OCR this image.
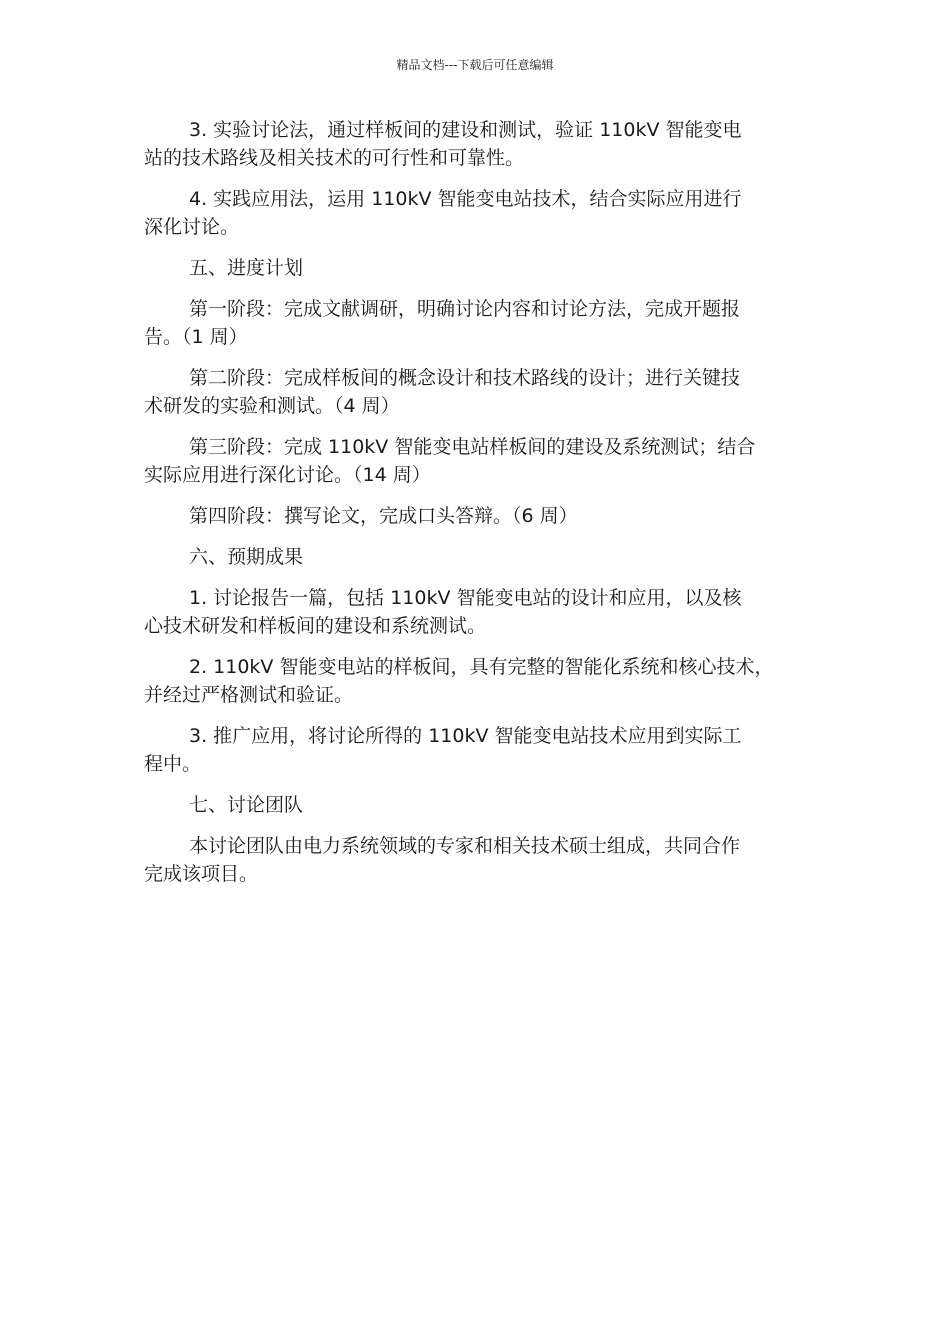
精品文档---下载后可任意编辑

3. 实验讨论法，通过样板间的建设和测试，验证 110kV 智能变电
站的技术路线及相关技术的可行性和可靠性。

4. 实践应用法，运用 110kV 智能变电站技术，结合实际应用进行
深化讨论。

五、进度计划

第一阶段：完成文献调研，明确讨论内容和讨论方法，完成开题报
告。（1 周）

第二阶段：完成样板间的概念设计和技术路线的设计；进行关键技
术研发的实验和测试。（4 周）

第三阶段：完成 110kV 智能变电站样板间的建设及系统测试；结合
实际应用进行深化讨论。（14 周）

第四阶段：撰写论文，完成口头答辩。（6 周）

六、预期成果

1. 讨论报告一篇，包括 110kV 智能变电站的设计和应用，以及核
心技术研发和样板间的建设和系统测试。

2. 110kV 智能变电站的样板间，具有完整的智能化系统和核心技术，
并经过严格测试和验证。

3. 推广应用，将讨论所得的 110kV 智能变电站技术应用到实际工
程中。

七、讨论团队

本讨论团队由电力系统领域的专家和相关技术硕士组成，共同合作
完成该项目。
